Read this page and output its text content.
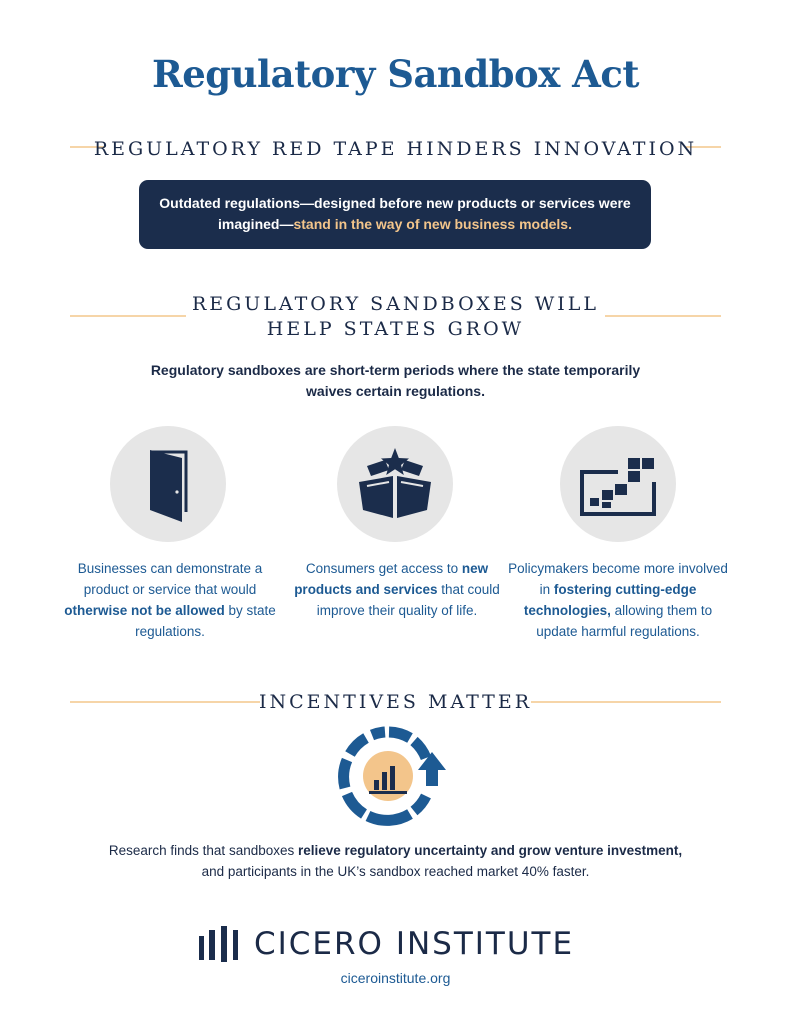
Regulatory Sandbox Act
REGULATORY RED TAPE HINDERS INNOVATION
Outdated regulations—designed before new products or services were imagined—stand in the way of new business models.
REGULATORY SANDBOXES WILL
HELP STATES GROW
Regulatory sandboxes are short-term periods where the state temporarily waives certain regulations.
Businesses can demonstrate a product or service that would otherwise not be allowed by state regulations.
Consumers get access to new products and services that could improve their quality of life.
Policymakers become more involved in fostering cutting-edge technologies, allowing them to update harmful regulations.
INCENTIVES MATTER
Research finds that sandboxes relieve regulatory uncertainty and grow venture investment, and participants in the UK’s sandbox reached market 40% faster.
CICERO INSTITUTE
ciceroinstitute.org
